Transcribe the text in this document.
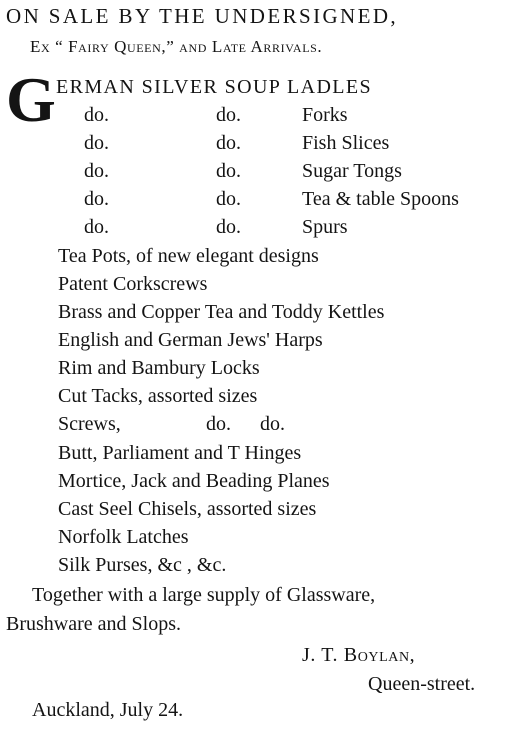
ON SALE BY THE UNDERSIGNED,
Ex “ Fairy Queen,” and Late Arrivals.
G ERMAN SILVER SOUP LADLES
do.	do.	Forks
do.	do.	Fish Slices
do.	do.	Sugar Tongs
do.	do.	Tea & table Spoons
do.	do.	Spurs
Tea Pots, of new elegant designs
Patent Corkscrews
Brass and Copper Tea and Toddy Kettles
English and German Jews' Harps
Rim and Bambury Locks
Cut Tacks, assorted sizes
Screws,	do. do.
Butt, Parliament and T Hinges
Mortice, Jack and Beading Planes
Cast Seel Chisels, assorted sizes
Norfolk Latches
Silk Purses, &c , &c.
Together with a large supply of Glassware,
Brushware and Slops.
J. T. Boylan,
Queen-street.
Auckland, July 24.
